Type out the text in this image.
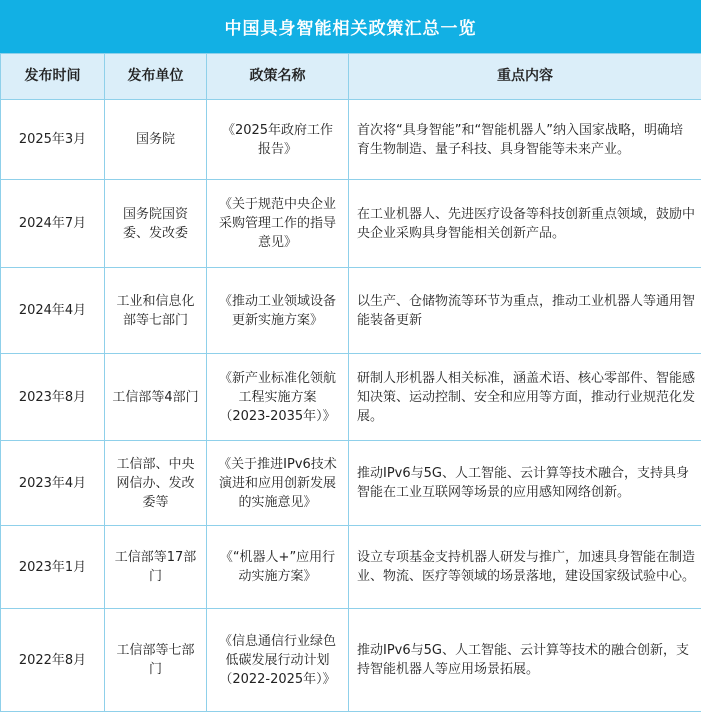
中国具身智能相关政策汇总一览
发布时间	发布单位	政策名称	重点内容
2025年3月	国务院	《2025年政府工作报告》	首次将“具身智能”和“智能机器人”纳入国家战略，明确培育生物制造、量子科技、具身智能等未来产业。
2024年7月	国务院国资委、发改委	《关于规范中央企业采购管理工作的指导意见》	在工业机器人、先进医疗设备等科技创新重点领域，鼓励中央企业采购具身智能相关创新产品。
2024年4月	工业和信息化部等七部门	《推动工业领域设备更新实施方案》	以生产、仓储物流等环节为重点，推动工业机器人等通用智能装备更新
2023年8月	工信部等4部门	《新产业标准化领航工程实施方案（2023-2035年）》	研制人形机器人相关标准，涵盖术语、核心零部件、智能感知决策、运动控制、安全和应用等方面，推动行业规范化发展。
2023年4月	工信部、中央网信办、发改委等	《关于推进IPv6技术演进和应用创新发展的实施意见》	推动IPv6与5G、人工智能、云计算等技术融合，支持具身智能在工业互联网等场景的应用感知网络创新。
2023年1月	工信部等17部门	《“机器人+”应用行动实施方案》	设立专项基金支持机器人研发与推广，加速具身智能在制造业、物流、医疗等领域的场景落地，建设国家级试验中心。
2022年8月	工信部等七部门	《信息通信行业绿色低碳发展行动计划（2022-2025年）》	推动IPv6与5G、人工智能、云计算等技术的融合创新，支持智能机器人等应用场景拓展。
